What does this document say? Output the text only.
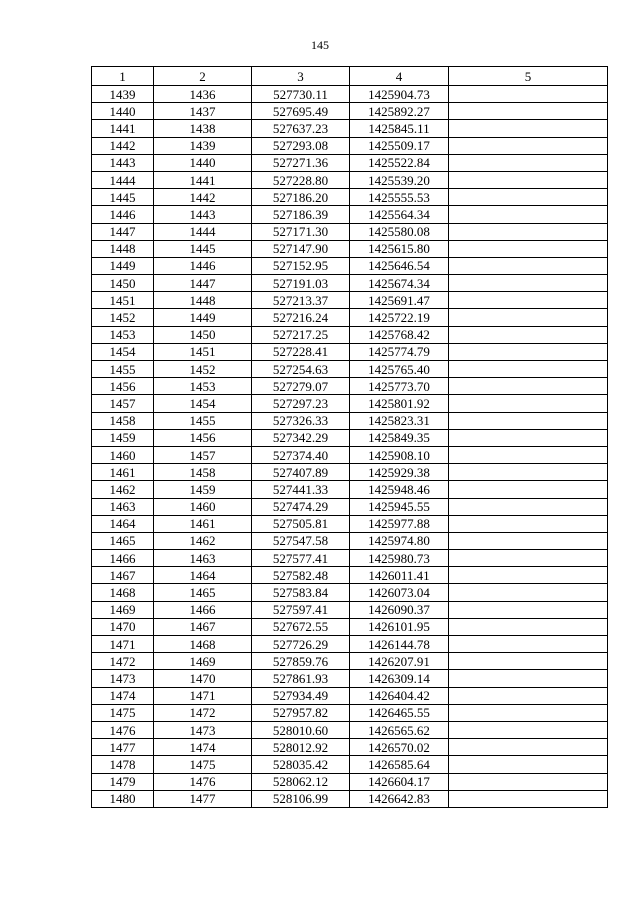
145
1	2	3	4	5
1439	1436	527730.11	1425904.73	
1440	1437	527695.49	1425892.27	
1441	1438	527637.23	1425845.11	
1442	1439	527293.08	1425509.17	
1443	1440	527271.36	1425522.84	
1444	1441	527228.80	1425539.20	
1445	1442	527186.20	1425555.53	
1446	1443	527186.39	1425564.34	
1447	1444	527171.30	1425580.08	
1448	1445	527147.90	1425615.80	
1449	1446	527152.95	1425646.54	
1450	1447	527191.03	1425674.34	
1451	1448	527213.37	1425691.47	
1452	1449	527216.24	1425722.19	
1453	1450	527217.25	1425768.42	
1454	1451	527228.41	1425774.79	
1455	1452	527254.63	1425765.40	
1456	1453	527279.07	1425773.70	
1457	1454	527297.23	1425801.92	
1458	1455	527326.33	1425823.31	
1459	1456	527342.29	1425849.35	
1460	1457	527374.40	1425908.10	
1461	1458	527407.89	1425929.38	
1462	1459	527441.33	1425948.46	
1463	1460	527474.29	1425945.55	
1464	1461	527505.81	1425977.88	
1465	1462	527547.58	1425974.80	
1466	1463	527577.41	1425980.73	
1467	1464	527582.48	1426011.41	
1468	1465	527583.84	1426073.04	
1469	1466	527597.41	1426090.37	
1470	1467	527672.55	1426101.95	
1471	1468	527726.29	1426144.78	
1472	1469	527859.76	1426207.91	
1473	1470	527861.93	1426309.14	
1474	1471	527934.49	1426404.42	
1475	1472	527957.82	1426465.55	
1476	1473	528010.60	1426565.62	
1477	1474	528012.92	1426570.02	
1478	1475	528035.42	1426585.64	
1479	1476	528062.12	1426604.17	
1480	1477	528106.99	1426642.83	
